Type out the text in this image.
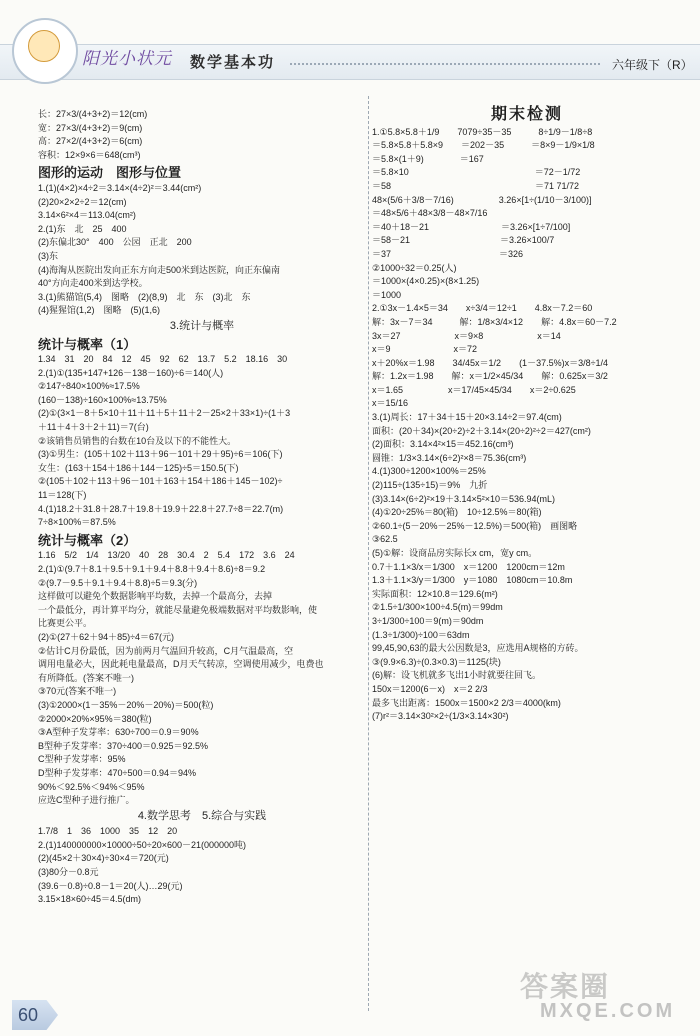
阳光小状元 数学基本功	六年级下（R）
长：27×3/(4+3+2)＝12(cm)
宽：27×3/(4+3+2)＝9(cm)
高：27×2/(4+3+2)＝6(cm)
容积：12×9×6＝648(cm³)
图形的运动　图形与位置
1.(1)(4×2)×4÷2＝3.14×(4÷2)²＝3.44(cm²)
(2)20×2×2÷2＝12(cm)
3.14×6²×4＝113.04(cm²)
2.(1)东　北　25　400
(2)东偏北30°　400　公园　正北　200
(3)东　　　　　　　
(4)海淘从医院出发向正东方向走500米到达医院，向正东偏南
40°方向走400米到达学校。
3.(1)熊猫馆(5,4)　图略　(2)(8,9)　北　东　(3)北　东
(4)猩猩馆(1,2)　图略　(5)(1,6)
3.统计与概率
统计与概率（1）
1.34　31　20　84　12　45　92　62　13.7　5.2　18.16　30
2.(1)①(135+147+126－138－160)÷6＝140(人)
②147÷840×100%≈17.5%
(160－138)÷160×100%≈13.75%
(2)①(3×1－8＋5×10＋11＋11＋5＋11＋2－25×2＋33×1)÷(1＋3
＋11＋4＋3＋2＋11)＝7(台)
②该销售员销售的台数在10台及以下的不能性大。
(3)①男生：(105＋102＋113＋96－101＋29＋95)÷6＝106(下)
女生：(163＋154＋186＋144－125)÷5＝150.5(下)
②(105＋102＋113＋96－101＋163＋154＋186＋145－102)÷
11＝128(下)
4.(1)18.2＋31.8＋28.7＋19.8＋19.9＋22.8＋27.7÷8＝22.7(m)
7÷8×100%＝87.5%
统计与概率（2）
1.16　5/2　1/4　13/20　40　28　30.4　2　5.4　172　3.6　24
2.(1)①(9.7＋8.1＋9.5＋9.1＋9.4＋8.8＋9.4＋8.6)÷8＝9.2
②(9.7－9.5＋9.1＋9.4＋8.8)÷5＝9.3(分)
这样做可以避免个数据影响平均数，去掉一个最高分，去掉
一个最低分，再计算平均分，就能尽量避免极端数据对平均数影响，使
比赛更公平。
(2)①(27＋62＋94＋85)÷4＝67(元)
②估计C月份最低，因为前两月气温回升较高，C月气温最高，空
调用电量必大，因此耗电量最高，D月天气转凉，空调使用减少，电费也
有所降低。(答案不唯一)
③70元(答案不唯一)
(3)①2000×(1－35%－20%－20%)＝500(粒)
②2000×20%×95%＝380(粒)
③A型种子发芽率：630÷700＝0.9＝90%
B型种子发芽率：370÷400＝0.925＝92.5%
C型种子发芽率：95%
D型种子发芽率：470÷500＝0.94＝94%
90%＜92.5%＜94%＜95%
应选C型种子进行推广。
4.数学思考　5.综合与实践
1.7/8　1　36　1000　35　12　20
2.(1)140000000×10000÷50÷20×600－21(000000吨)
(2)(45×2＋30×4)÷30×4＝720(元)
(3)80分－0.8元
(39.6－0.8)÷0.8－1＝20(人)…29(元)
3.15×18×60÷45＝4.5(dm)
期末检测
1.①5.8×5.8＋1/9　　7079÷35－35　　　8÷1/9－1/8÷8
＝5.8×5.8＋5.8×9　　＝202－35　　　＝8×9－1/9×1/8
＝5.8×(1＋9)　　　　＝167
＝5.8×10　　　　　　　　　　　　　　＝72－1/72
＝58　　　　　　　　　　　　　　　　＝71 71/72
48×(5/6＋3/8－7/16)　　　　　3.26×[1÷(1/10－3/100)]
＝48×5/6＋48×3/8－48×7/16
＝40＋18－21　　　　　　　　＝3.26×[1÷7/100]
＝58－21　　　　　　　　　　＝3.26×100/7
＝37　　　　　　　　　　　　＝326
②1000÷32＝0.25(人)
＝1000×(4×0.25)×(8×1.25)
＝1000
2.①3x－1.4×5＝34　　x÷3/4＝12÷1　　4.8x－7.2＝60
解：3x－7＝34　　　解：1/8×3/4×12　　解：4.8x＝60－7.2
3x＝27　　　　　　x＝9×8　　　　　　x＝14
x＝9　　　　　　　x＝72
x＋20%x＝1.98　　34/45x＝1/2　　(1－37.5%)x＝3/8÷1/4
解：1.2x＝1.98　　解：x＝1/2×45/34　　解：0.625x＝3/2
x＝1.65　　　　　x＝17/45×45/34　　x＝2÷0.625
x＝15/16
3.(1)周长：17＋34＋15＋20×3.14÷2＝97.4(cm)
面积：(20＋34)×(20÷2)÷2＋3.14×(20÷2)²÷2＝427(cm²)
(2)面积：3.14×4²×15＝452.16(cm³)
圆锥：1/3×3.14×(6÷2)²×8＝75.36(cm³)
4.(1)300÷1200×100%＝25%
(2)115÷(135÷15)＝9%　九折
(3)3.14×(6÷2)²×19＋3.14×5²×10＝536.94(mL)
(4)①20÷25%＝80(箱)　10÷12.5%＝80(箱)
②60.1÷(5－20%－25%－12.5%)＝500(箱)　画图略
③62.5
(5)①解：设商品房实际长x cm，宽y cm。
0.7＋1.1×3/x＝1/300　x＝1200　1200cm＝12m
1.3＋1.1×3/y＝1/300　y＝1080　1080cm＝10.8m
实际面积：12×10.8＝129.6(m²)
②1.5÷1/300×100÷4.5(m)＝99dm
3÷1/300÷100＝9(m)＝90dm
(1.3÷1/300)÷100＝63dm
99,45,90,63的最大公因数是3，应选用A规格的方砖。
③(9.9×6.3)÷(0.3×0.3)＝1125(块)
(6)解：设飞机就多飞出1小时就要往回飞。
150x＝1200(6－x)　x＝2 2/3
最多飞出距离：1500x＝1500×2 2/3＝4000(km)
(7)r²＝3.14×30²×2÷(1/3×3.14×30²)
60
答案圈
MXQE.COM
